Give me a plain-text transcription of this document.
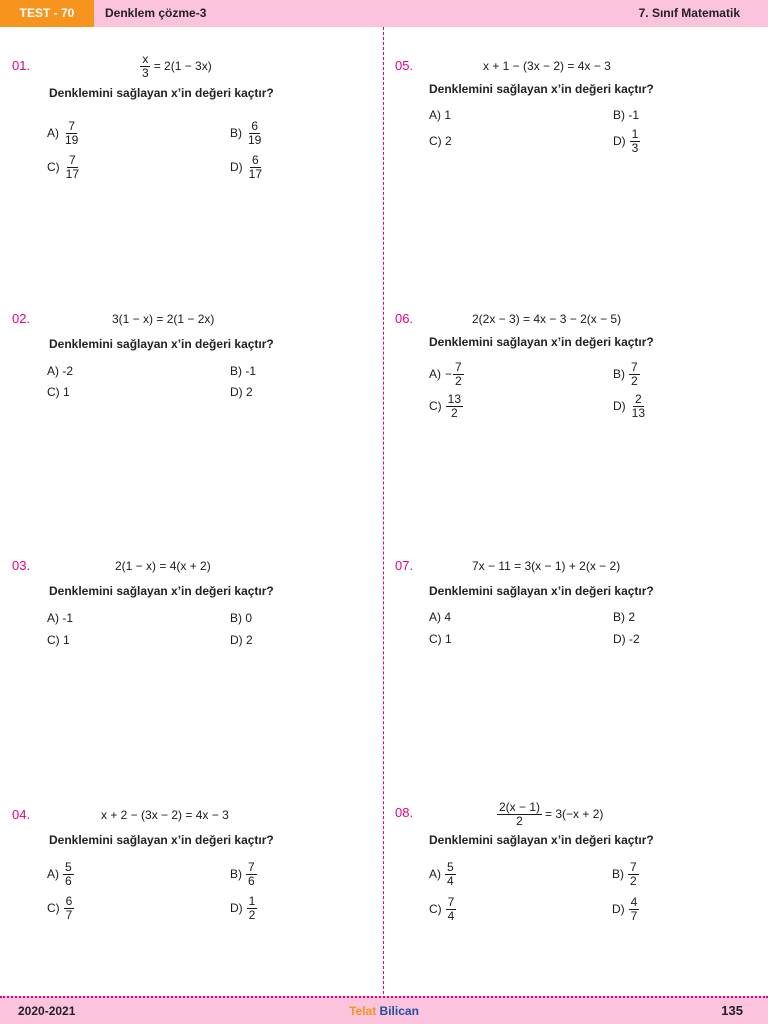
TEST - 70	Denklem çözme-3	7. Sınıf Matematik
01.	$\frac{x}{3} = 2(1 - 3x)$
Denklemini sağlayan x’in değeri kaçtır?
$A) \frac{7}{19}$	$B) \frac{6}{19}$
$C) \frac{7}{17}$	$D) \frac{6}{17}$
02.	3(1 − x) = 2(1 − 2x)
Denklemini sağlayan x’in değeri kaçtır?
A) -2	B) -1
C) 1	D) 2
03.	2(1 − x) = 4(x + 2)
Denklemini sağlayan x’in değeri kaçtır?
A) -1	B) 0
C) 1	D) 2
04.	x + 2 − (3x − 2) = 4x − 3
Denklemini sağlayan x’in değeri kaçtır?
$A) \frac{5}{6}$	$B) \frac{7}{6}$
$C) \frac{6}{7}$	$D) \frac{1}{2}$
05.	x + 1 − (3x − 2) = 4x − 3
Denklemini sağlayan x’in değeri kaçtır?
A) 1	B) -1
C) 2	$D) \frac{1}{3}$
06.	2(2x − 3) = 4x − 3 − 2(x − 5)
Denklemini sağlayan x’in değeri kaçtır?
$A) - \frac{7}{2}$	$B) \frac{7}{2}$
$C) \frac{13}{2}$	$D) \frac{2}{13}$
07.	7x − 11 = 3(x − 1) + 2(x − 2)
Denklemini sağlayan x’in değeri kaçtır?
A) 4	B) 2
C) 1	D) -2
08.	$\frac{2(x - 1)}{2} = 3(-x + 2)$
Denklemini sağlayan x’in değeri kaçtır?
$A) \frac{5}{4}$	$B) \frac{7}{2}$
$C) \frac{7}{4}$	$D) \frac{4}{7}$
2020-2021	Telat Bilican	135
